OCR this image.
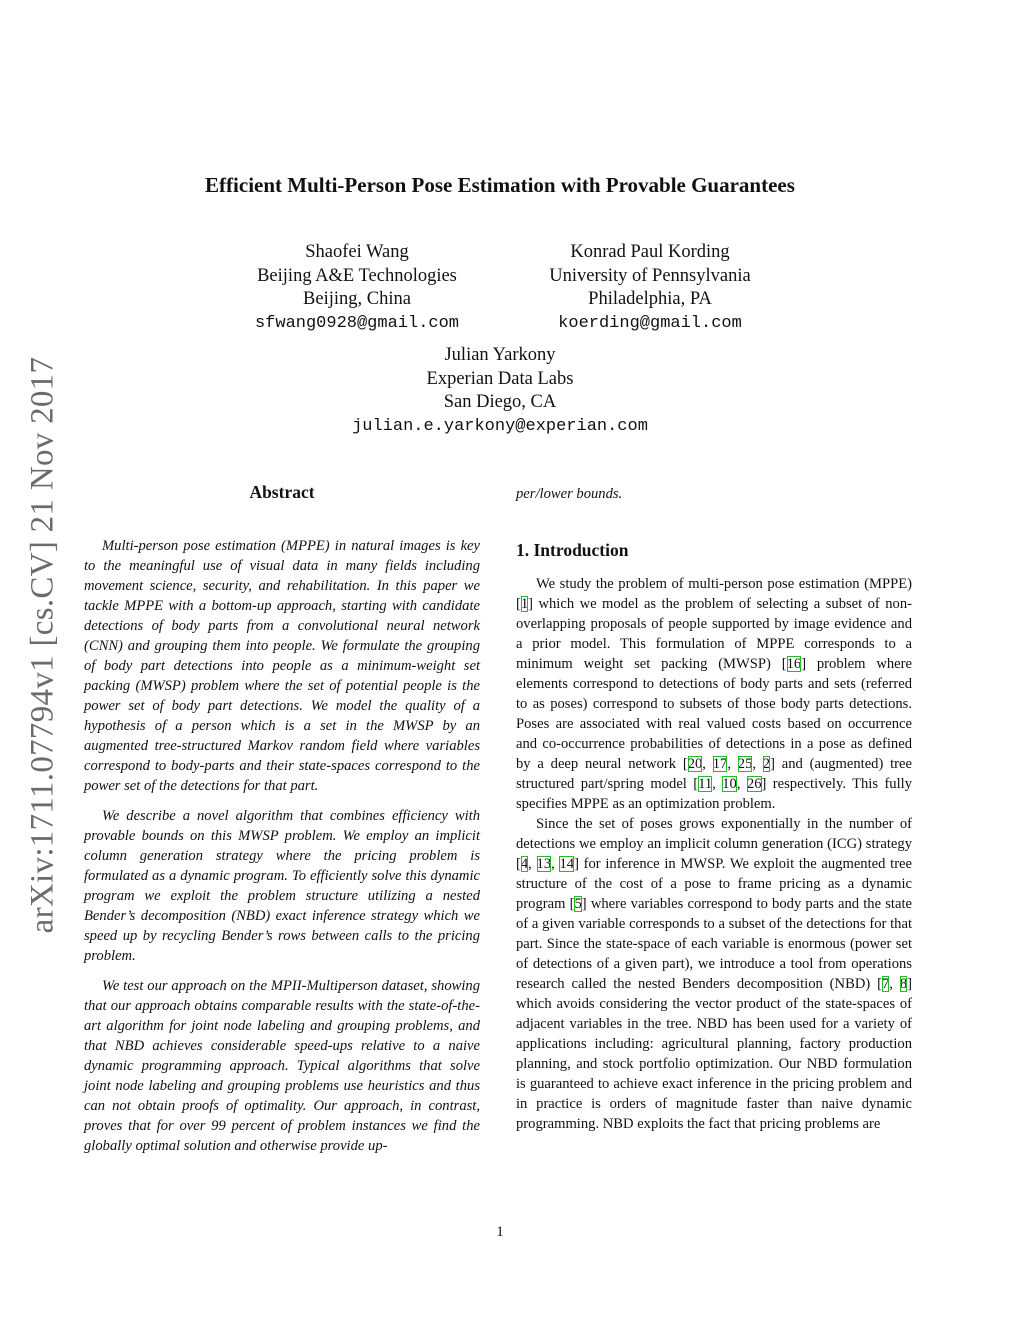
arXiv:1711.07794v1 [cs.CV] 21 Nov 2017
Efficient Multi-Person Pose Estimation with Provable Guarantees
Shaofei Wang
Beijing A&E Technologies
Beijing, China
sfwang0928@gmail.com
Konrad Paul Kording
University of Pennsylvania
Philadelphia, PA
koerding@gmail.com
Julian Yarkony
Experian Data Labs
San Diego, CA
julian.e.yarkony@experian.com
Abstract

Multi-person pose estimation (MPPE) in natural images is key to the meaningful use of visual data in many fields including movement science, security, and rehabilitation. In this paper we tackle MPPE with a bottom-up approach, starting with candidate detections of body parts from a convolutional neural network (CNN) and grouping them into people. We formulate the grouping of body part detections into people as a minimum-weight set packing (MWSP) problem where the set of potential people is the power set of body part detections. We model the quality of a hypothesis of a person which is a set in the MWSP by an augmented tree-structured Markov random field where variables correspond to body-parts and their state-spaces correspond to the power set of the detections for that part.

We describe a novel algorithm that combines efficiency with provable bounds on this MWSP problem. We employ an implicit column generation strategy where the pricing problem is formulated as a dynamic program. To efficiently solve this dynamic program we exploit the problem structure utilizing a nested Bender’s decomposition (NBD) exact inference strategy which we speed up by recycling Bender’s rows between calls to the pricing problem.

We test our approach on the MPII-Multiperson dataset, showing that our approach obtains comparable results with the state-of-the-art algorithm for joint node labeling and grouping problems, and that NBD achieves considerable speed-ups relative to a naive dynamic programming approach. Typical algorithms that solve joint node labeling and grouping problems use heuristics and thus can not obtain proofs of optimality. Our approach, in contrast, proves that for over 99 percent of problem instances we find the globally optimal solution and otherwise provide up-

per/lower bounds.
1. Introduction

We study the problem of multi-person pose estimation (MPPE) [1] which we model as the problem of selecting a subset of non-overlapping proposals of people supported by image evidence and a prior model. This formulation of MPPE corresponds to a minimum weight set packing (MWSP) [16] problem where elements correspond to detections of body parts and sets (referred to as poses) correspond to subsets of those body parts detections. Poses are associated with real valued costs based on occurrence and co-occurrence probabilities of detections in a pose as defined by a deep neural network [20, 17, 25, 2] and (augmented) tree structured part/spring model [11, 10, 26] respectively. This fully specifies MPPE as an optimization problem.

Since the set of poses grows exponentially in the number of detections we employ an implicit column generation (ICG) strategy [4, 13, 14] for inference in MWSP. We exploit the augmented tree structure of the cost of a pose to frame pricing as a dynamic program [5] where variables correspond to body parts and the state of a given variable corresponds to a subset of the detections for that part. Since the state-space of each variable is enormous (power set of detections of a given part), we introduce a tool from operations research called the nested Benders decomposition (NBD) [7, 8] which avoids considering the vector product of the state-spaces of adjacent variables in the tree. NBD has been used for a variety of applications including: agricultural planning, factory production planning, and stock portfolio optimization. Our NBD formulation is guaranteed to achieve exact inference in the pricing problem and in practice is orders of magnitude faster than naive dynamic programming. NBD exploits the fact that pricing problems are

1
